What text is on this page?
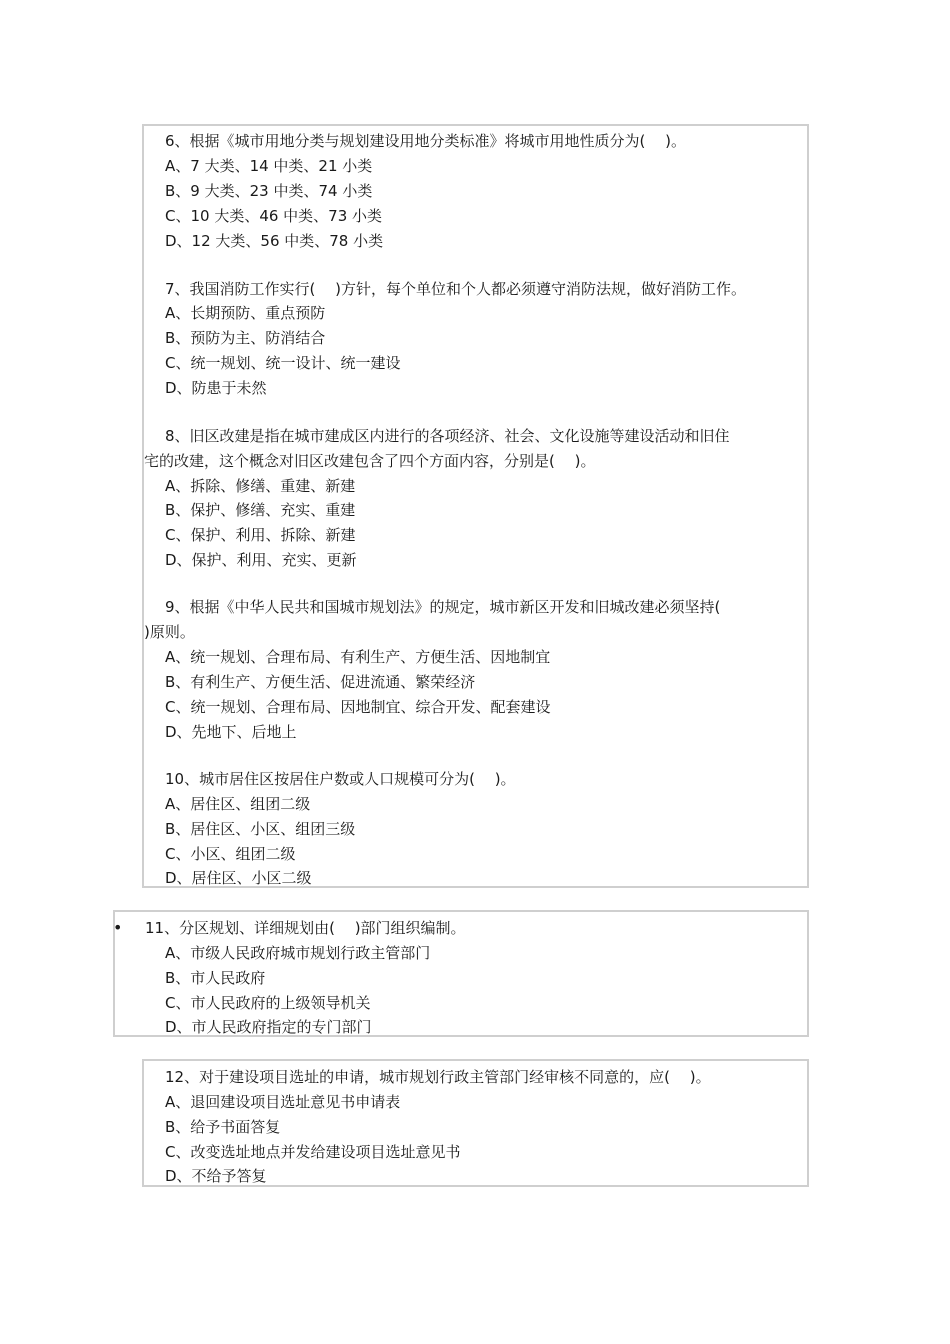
•
6、根据《城市用地分类与规划建设用地分类标准》将城市用地性质分为(　 )。
A、7 大类、14 中类、21 小类
B、9 大类、23 中类、74 小类
C、10 大类、46 中类、73 小类
D、12 大类、56 中类、78 小类
7、我国消防工作实行(　 )方针，每个单位和个人都必须遵守消防法规，做好消防工作。
A、长期预防、重点预防
B、预防为主、防消结合
C、统一规划、统一设计、统一建设
D、防患于未然
8、旧区改建是指在城市建成区内进行的各项经济、社会、文化设施等建设活动和旧住
宅的改建，这个概念对旧区改建包含了四个方面内容，分别是(　 )。
A、拆除、修缮、重建、新建
B、保护、修缮、充实、重建
C、保护、利用、拆除、新建
D、保护、利用、充实、更新
9、根据《中华人民共和国城市规划法》的规定，城市新区开发和旧城改建必须坚持(
)原则。
A、统一规划、合理布局、有利生产、方便生活、因地制宜
B、有利生产、方便生活、促进流通、繁荣经济
C、统一规划、合理布局、因地制宜、综合开发、配套建设
D、先地下、后地上
10、城市居住区按居住户数或人口规模可分为(　 )。
A、居住区、组团二级
B、居住区、小区、组团三级
C、小区、组团二级
D、居住区、小区二级
11、分区规划、详细规划由(　 )部门组织编制。
A、市级人民政府城市规划行政主管部门
B、市人民政府
C、市人民政府的上级领导机关
D、市人民政府指定的专门部门
12、对于建设项目选址的申请，城市规划行政主管部门经审核不同意的，应(　 )。
A、退回建设项目选址意见书申请表
B、给予书面答复
C、改变选址地点并发给建设项目选址意见书
D、不给予答复
